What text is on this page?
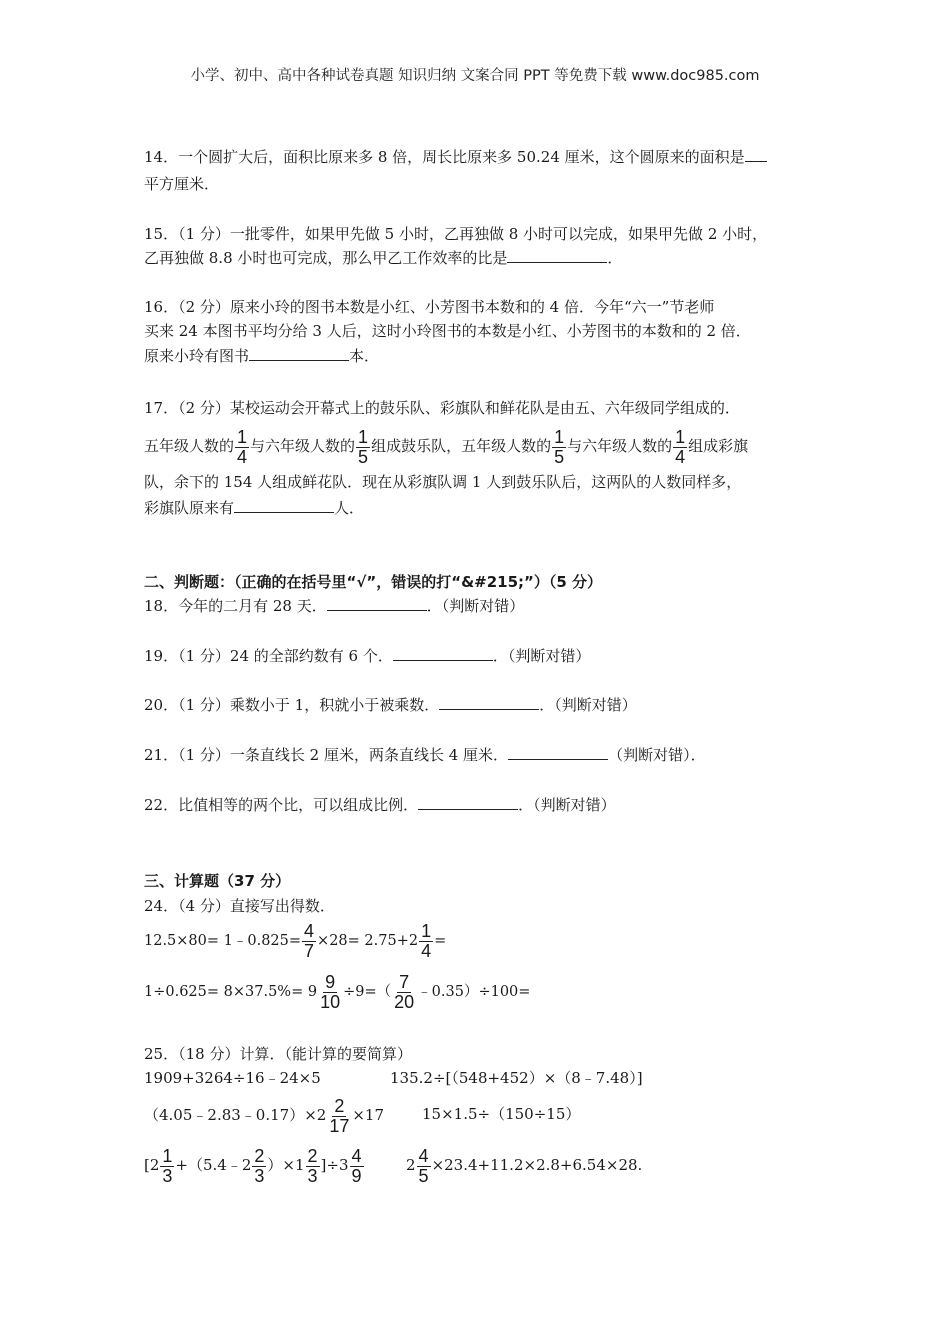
小学、初中、高中各种试卷真题 知识归纳 文案合同 PPT 等免费下载 www.doc985.com
14．一个圆扩大后，面积比原来多 8 倍，周长比原来多 50.24 厘米，这个圆原来的面积是
平方厘米．
15．（1 分）一批零件，如果甲先做 5 小时，乙再独做 8 小时可以完成，如果甲先做 2 小时，
乙再独做 8.8 小时也可完成，那么甲乙工作效率的比是	．
16．（2 分）原来小玲的图书本数是小红、小芳图书本数和的 4 倍．今年“六一”节老师
买来 24 本图书平均分给 3 人后，这时小玲图书的本数是小红、小芳图书的本数和的 2 倍．
原来小玲有图书	本．
17．（2 分）某校运动会开幕式上的鼓乐队、彩旗队和鲜花队是由五、六年级同学组成的．
五年级人数的 $\frac{1}{4}$ 与六年级人数的 $\frac{1}{5}$ 组成鼓乐队，五年级人数的 $\frac{1}{5}$ 与六年级人数的 $\frac{1}{4}$ 组成彩旗
队，余下的 154 人组成鲜花队．现在从彩旗队调 1 人到鼓乐队后，这两队的人数同样多，
彩旗队原来有	人．
二、判断题：（正确的在括号里“√”，错误的打“&#215;”）（5 分）
18．今年的二月有 28 天．	．（判断对错）
19．（1 分）24 的全部约数有 6 个．	．（判断对错）
20．（1 分）乘数小于 1，积就小于被乘数．	．（判断对错）
21．（1 分）一条直线长 2 厘米，两条直线长 4 厘米．	（判断对错）．
22．比值相等的两个比，可以组成比例．	．（判断对错）
三、计算题（37 分）
24．（4 分）直接写出得数．
12.5×80= 1﹣0.825= $\frac{4}{7} \times 28= 2.75+2 \frac{1}{4}$ =
$1\div 0.625= 8\times 37.5\%= 9 \frac{9}{10} \div 9=( \frac{7}{20}$ ﹣0.35）÷100=
25．（18 分）计算．（能计算的要简算）
1909+3264÷16﹣24×5	135.2÷[（548+452）×（8﹣7.48）]
（4.05﹣2.83﹣0.17）×2 $\frac{2}{17} \times 17$	15×1.5÷（150÷15）
[$2 \frac{1}{3}$ +（5.4﹣2 $\frac{2}{3} )\times 1 \frac{2}{3} ]\div 3 \frac{4}{9}$	$2 \frac{4}{5} \times 23.4+11.2\times 2.8+6.54\times 28$.
